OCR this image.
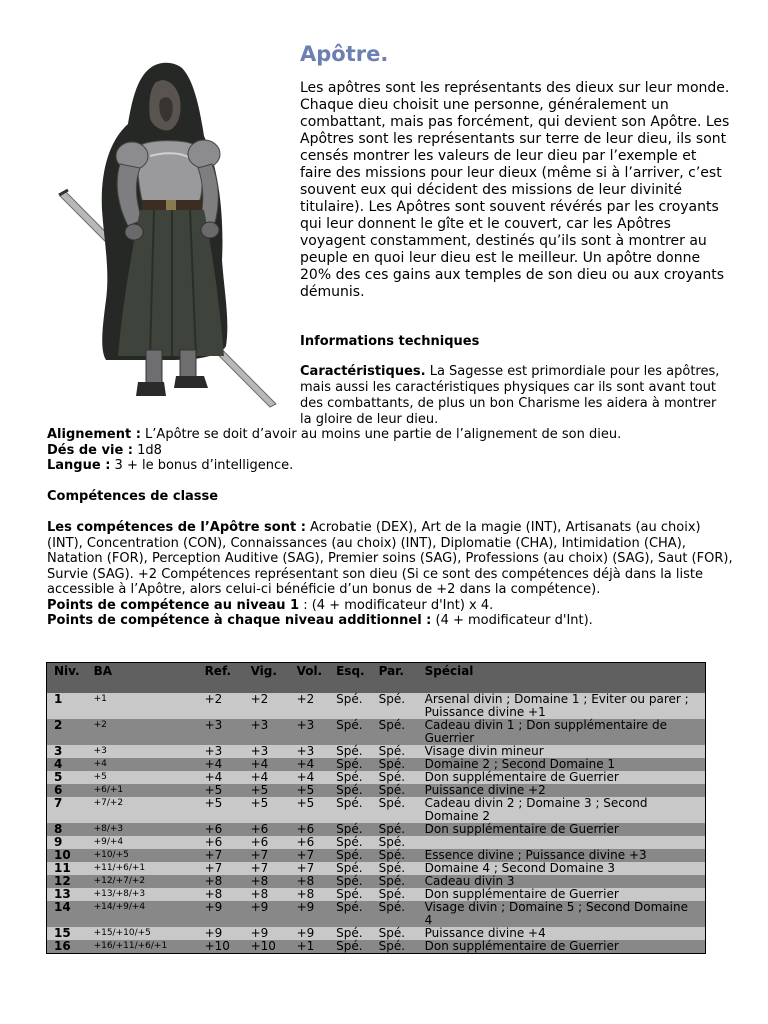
Apôtre.

Les apôtres sont les représentants des dieux sur leur monde. Chaque dieu choisit une personne, généralement un combattant, mais pas forcément, qui devient son Apôtre. Les Apôtres sont les représentants sur terre de leur dieu, ils sont censés montrer les valeurs de leur dieu par l’exemple et faire des missions pour leur dieux (même si à l’arriver, c’est souvent eux qui décident des missions de leur divinité titulaire). Les Apôtres sont souvent révérés par les croyants qui leur donnent le gîte et le couvert, car les Apôtres voyagent constamment, destinés qu’ils sont à montrer au peuple en quoi leur dieu est le meilleur. Un apôtre donne 20% des ces gains aux temples de son dieu ou aux croyants démunis.

Informations techniques

Caractéristiques. La Sagesse est primordiale pour les apôtres, mais aussi les caractéristiques physiques car ils sont avant tout des combattants, de plus un bon Charisme les aidera à montrer la gloire de leur dieu.

Alignement : L’Apôtre se doit d’avoir au moins une partie de l’alignement de son dieu.

Dés de vie : 1d8

Langue : 3 + le bonus d’intelligence.

Compétences de classe

Les compétences de l’Apôtre sont : Acrobatie (DEX), Art de la magie (INT), Artisanats (au choix) (INT), Concentration (CON), Connaissances (au choix) (INT), Diplomatie (CHA), Intimidation (CHA), Natation (FOR), Perception Auditive (SAG), Premier soins (SAG), Professions (au choix) (SAG), Saut (FOR), Survie (SAG). +2 Compétences représentant son dieu (Si ce sont des compétences déjà dans la liste accessible à l’Apôtre, alors celui-ci bénéficie d’un bonus de +2 dans la compétence).

Points de compétence au niveau 1 : (4 + modificateur d'Int) x 4.

Points de compétence à chaque niveau additionnel : (4 + modificateur d'Int).

Niv.	BA	Ref.	Vig.	Vol.	Esq.	Par.	Spécial
1	+1	+2	+2	+2	Spé.	Spé.	Arsenal divin ; Domaine 1 ; Eviter ou parer ; Puissance divine +1
2	+2	+3	+3	+3	Spé.	Spé.	Cadeau divin 1 ; Don supplémentaire de Guerrier
3	+3	+3	+3	+3	Spé.	Spé.	Visage divin mineur
4	+4	+4	+4	+4	Spé.	Spé.	Domaine 2 ; Second Domaine 1
5	+5	+4	+4	+4	Spé.	Spé.	Don supplémentaire de Guerrier
6	+6/+1	+5	+5	+5	Spé.	Spé.	Puissance divine +2
7	+7/+2	+5	+5	+5	Spé.	Spé.	Cadeau divin 2 ; Domaine 3 ; Second Domaine 2
8	+8/+3	+6	+6	+6	Spé.	Spé.	Don supplémentaire de Guerrier
9	+9/+4	+6	+6	+6	Spé.	Spé.	
10	+10/+5	+7	+7	+7	Spé.	Spé.	Essence divine ; Puissance divine +3
11	+11/+6/+1	+7	+7	+7	Spé.	Spé.	Domaine 4 ; Second Domaine 3
12	+12/+7/+2	+8	+8	+8	Spé.	Spé.	Cadeau divin 3
13	+13/+8/+3	+8	+8	+8	Spé.	Spé.	Don supplémentaire de Guerrier
14	+14/+9/+4	+9	+9	+9	Spé.	Spé.	Visage divin ; Domaine 5 ; Second Domaine 4
15	+15/+10/+5	+9	+9	+9	Spé.	Spé.	Puissance divine +4
16	+16/+11/+6/+1	+10	+10	+1	Spé.	Spé.	Don supplémentaire de Guerrier
